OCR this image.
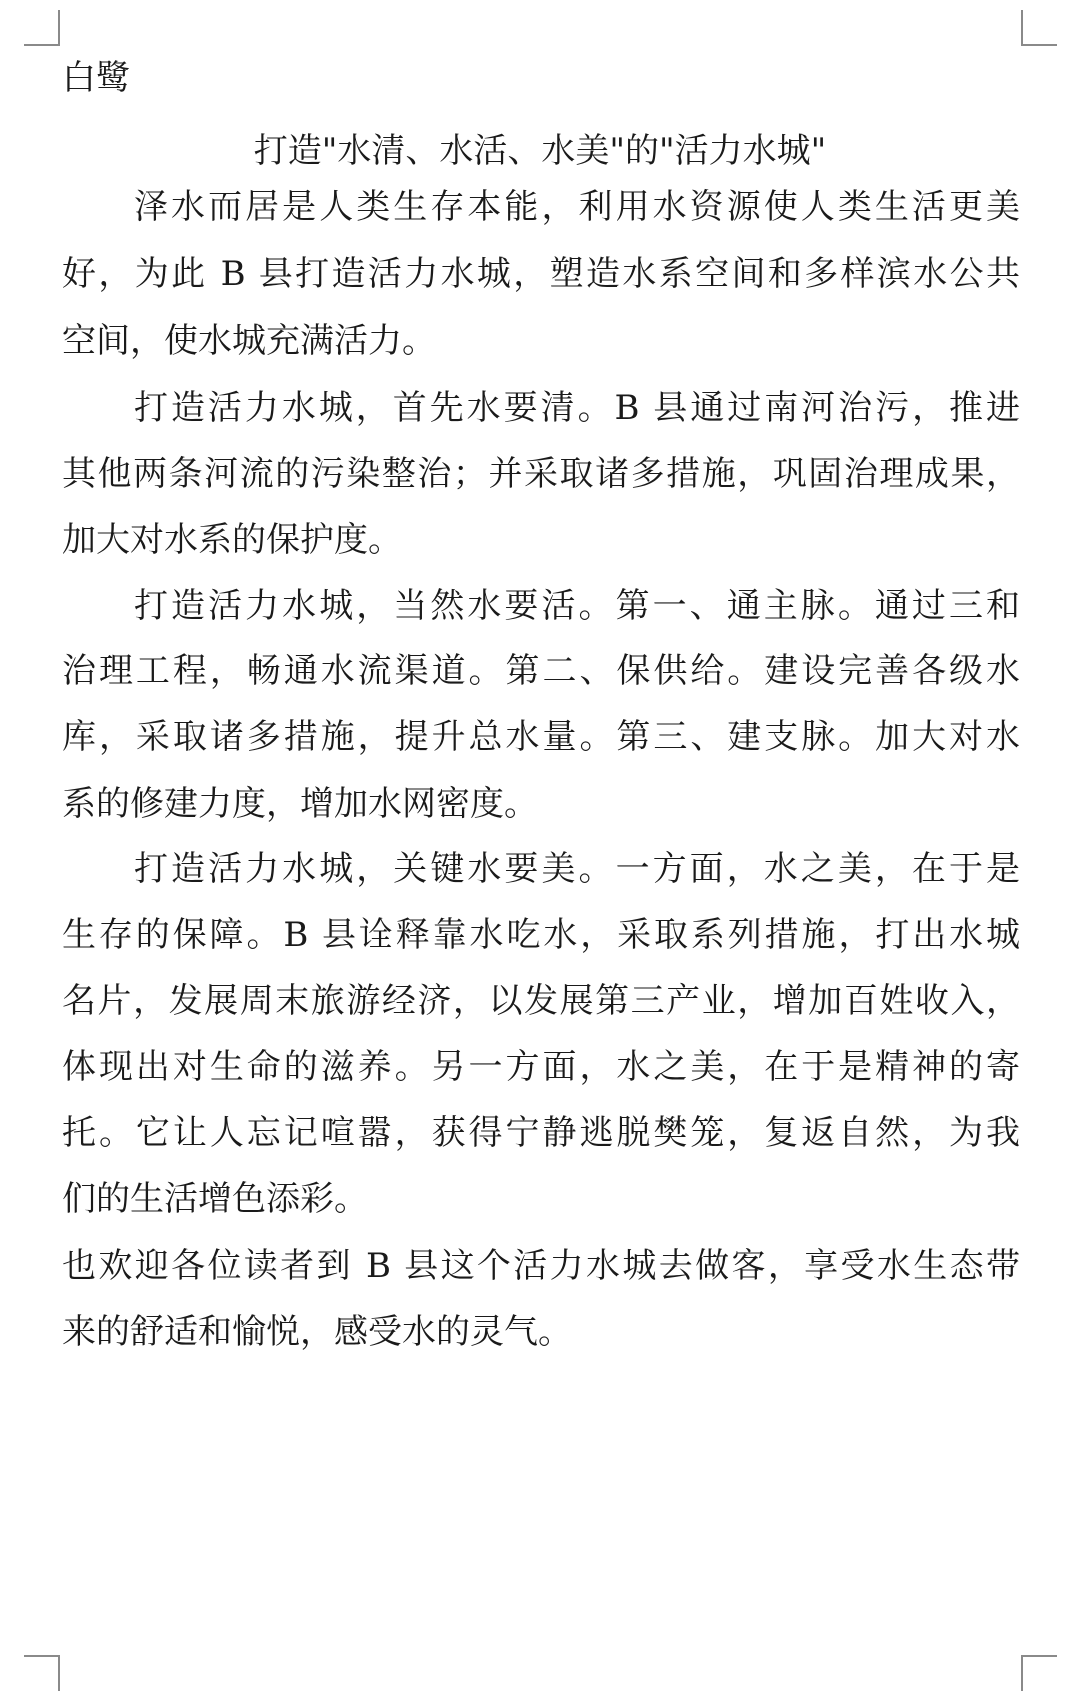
白鹭
打造"水清、水活、水美"的"活力水城"
泽水而居是人类生存本能，利用水资源使人类生活更美
好，为此 B 县打造活力水城，塑造水系空间和多样滨水公共
空间，使水城充满活力。
打造活力水城，首先水要清。B 县通过南河治污，推进
其他两条河流的污染整治；并采取诸多措施，巩固治理成果，
加大对水系的保护度。
打造活力水城，当然水要活。第一、通主脉。通过三和
治理工程，畅通水流渠道。第二、保供给。建设完善各级水
库，采取诸多措施，提升总水量。第三、建支脉。加大对水
系的修建力度，增加水网密度。
打造活力水城，关键水要美。一方面，水之美，在于是
生存的保障。B 县诠释靠水吃水，采取系列措施，打出水城
名片，发展周末旅游经济，以发展第三产业，增加百姓收入，
体现出对生命的滋养。另一方面，水之美，在于是精神的寄
托。它让人忘记喧嚣，获得宁静逃脱樊笼，复返自然，为我
们的生活增色添彩。
也欢迎各位读者到 B 县这个活力水城去做客，享受水生态带
来的舒适和愉悦，感受水的灵气。
